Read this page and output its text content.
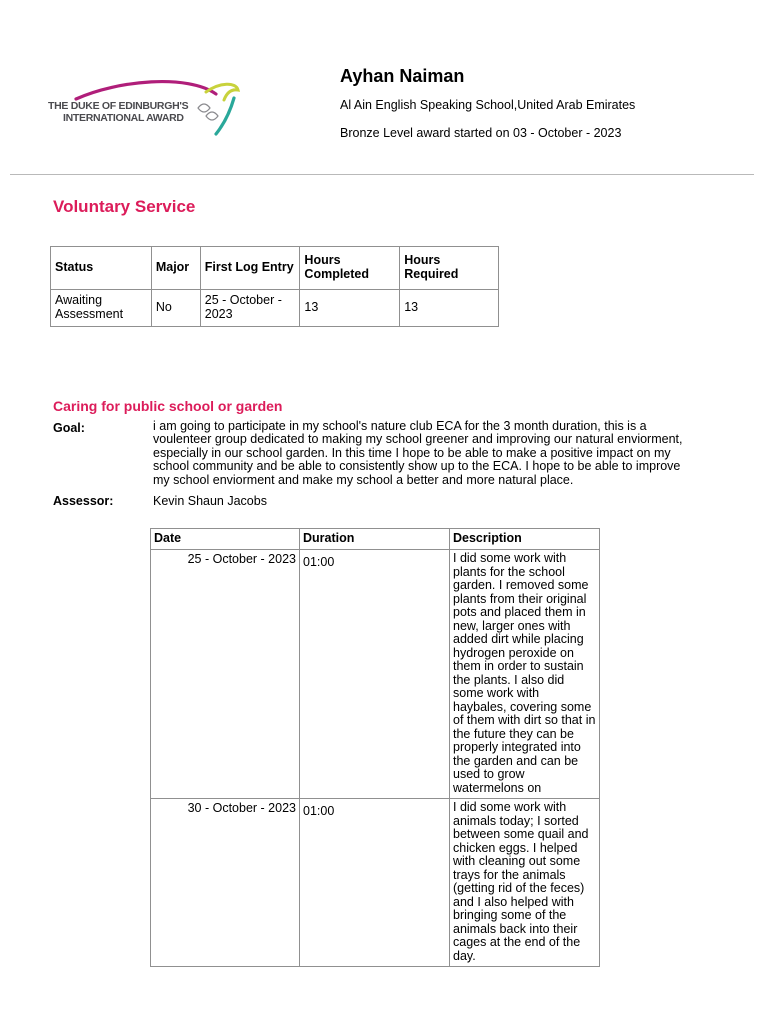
THE DUKE OF EDINBURGH'S
INTERNATIONAL AWARD
Ayhan Naiman
Al Ain English Speaking School,United Arab Emirates
Bronze Level award started on 03 - October - 2023
Voluntary Service
Status	Major	First Log Entry	Hours Completed	Hours Required
Awaiting Assessment	No	25 - October - 2023	13	13
Caring for public school or garden
Goal:	i am going to participate in my school's nature club ECA for the 3 month duration, this is a voulenteer group dedicated to making my school greener and improving our natural enviorment, especially in our school garden. In this time I hope to be able to make a positive impact on my school community and be able to consistently show up to the ECA. I hope to be able to improve my school enviorment and make my school a better and more natural place.
Assessor:	Kevin Shaun Jacobs
Date	Duration	Description
25 - October - 2023	01:00	I did some work with plants for the school garden. I removed some plants from their original pots and placed them in new, larger ones with added dirt while placing hydrogen peroxide on them in order to sustain the plants. I also did some work with haybales, covering some of them with dirt so that in the future they can be properly integrated into the garden and can be used to grow watermelons on

30 - October - 2023	01:00	I did some work with animals today; I sorted between some quail and chicken eggs. I helped with cleaning out some trays for the animals (getting rid of the feces) and I also helped with bringing some of the animals back into their cages at the end of the day.
